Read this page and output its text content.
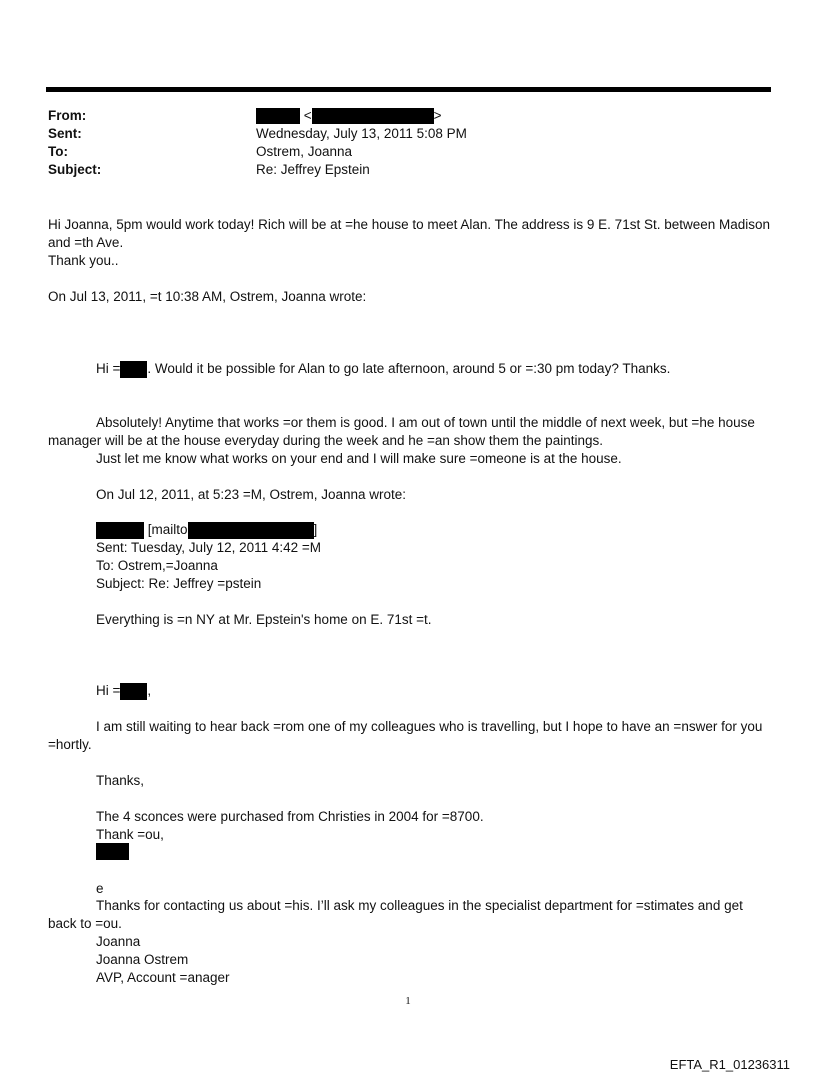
From:	<	>
Sent:	Wednesday, July 13, 2011 5:08 PM
To:	Ostrem, Joanna
Subject:	Re: Jeffrey Epstein
Hi Joanna, 5pm would work today! Rich will be at =he house to meet Alan. The address is 9 E. 71st St. between Madison
and =th Ave.
Thank you..
On Jul 13, 2011, =t 10:38 AM, Ostrem, Joanna wrote:
Hi = . Would it be possible for Alan to go late afternoon, around 5 or =:30 pm today? Thanks.
Absolutely! Anytime that works =or them is good. I am out of town until the middle of next week, but =he house
manager will be at the house everyday during the week and he =an show them the paintings.
Just let me know what works on your end and I will make sure =omeone is at the house.
On Jul 12, 2011, at 5:23 =M, Ostrem, Joanna wrote:
[mailto	]
Sent: Tuesday, July 12, 2011 4:42 =M
To: Ostrem,=Joanna
Subject: Re: Jeffrey =pstein
Everything is =n NY at Mr. Epstein's home on E. 71st =t.
Hi = ,
I am still waiting to hear back =rom one of my colleagues who is travelling, but I hope to have an =nswer for you
=hortly.
Thanks,
The 4 sconces were purchased from Christies in 2004 for =8700.
Thank =ou,
e
Thanks for contacting us about =his. I’ll ask my colleagues in the specialist department for =stimates and get
back to =ou.
Joanna
Joanna Ostrem
AVP, Account =anager
1
EFTA_R1_01236311
